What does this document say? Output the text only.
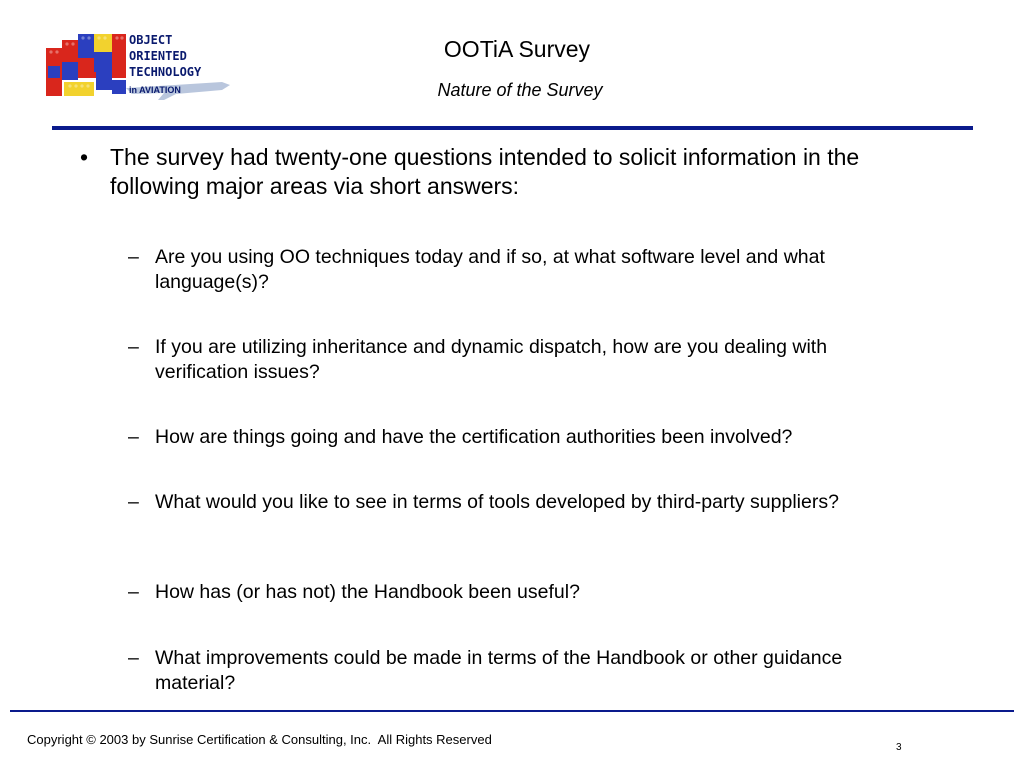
OBJECT
ORIENTED
TECHNOLOGY
in AVIATION
OOTiA Survey
Nature of the Survey
• The survey had twenty-one questions intended to solicit information in the following major areas via short answers:
– Are you using OO techniques today and if so, at what software level and what language(s)?
– If you are utilizing inheritance and dynamic dispatch, how are you dealing with verification issues?
– How are things going and have the certification authorities been involved?
– What would you like to see in terms of tools developed by third-party suppliers?
– How has (or has not) the Handbook been useful?
– What improvements could be made in terms of the Handbook or other guidance material?
Copyright © 2003 by Sunrise Certification & Consulting, Inc.  All Rights Reserved
3
